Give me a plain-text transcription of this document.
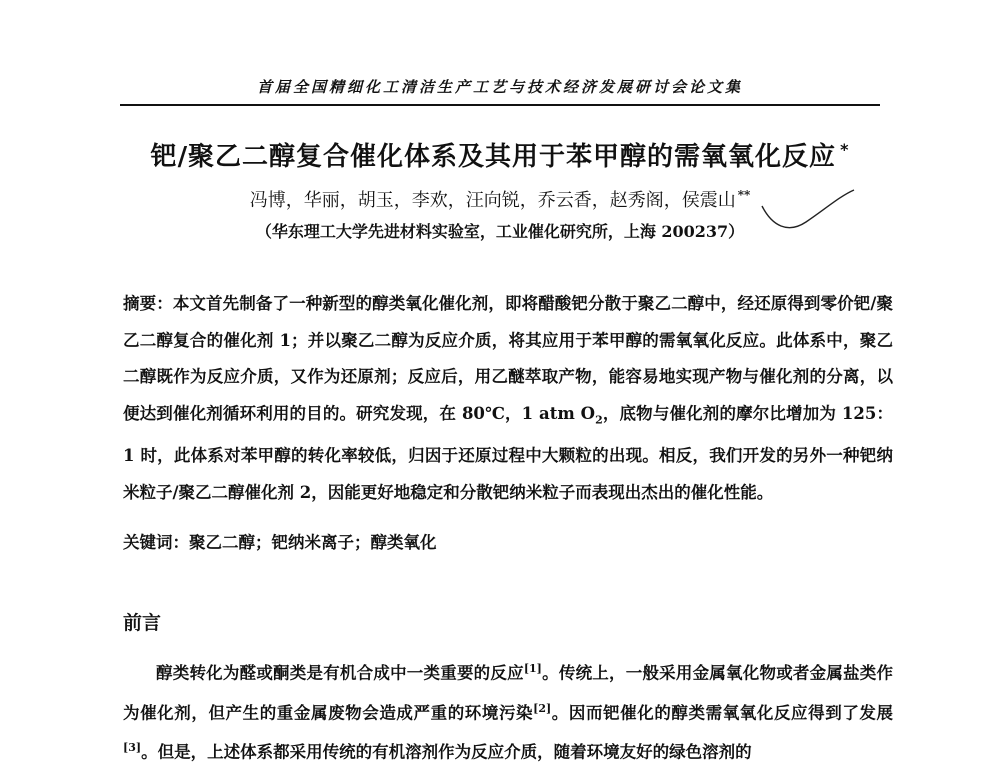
首届全国精细化工清洁生产工艺与技术经济发展研讨会论文集
钯/聚乙二醇复合催化体系及其用于苯甲醇的需氧氧化反应 *
冯博，华丽，胡玉，李欢，汪向锐，乔云香，赵秀阁，侯震山 **
（华东理工大学先进材料实验室，工业催化研究所，上海 200237）
摘要：本文首先制备了一种新型的醇类氧化催化剂，即将醋酸钯分散于聚乙二醇中，经还原得到零价钯/聚乙二醇复合的催化剂 1；并以聚乙二醇为反应介质，将其应用于苯甲醇的需氧氧化反应。此体系中，聚乙二醇既作为反应介质，又作为还原剂；反应后，用乙醚萃取产物，能容易地实现产物与催化剂的分离，以便达到催化剂循环利用的目的。研究发现，在 80℃，1 atm $O_2$，底物与催化剂的摩尔比增加为 125：1 时，此体系对苯甲醇的转化率较低，归因于还原过程中大颗粒的出现。相反，我们开发的另外一种钯纳米粒子/聚乙二醇催化剂 2，因能更好地稳定和分散钯纳米粒子而表现出杰出的催化性能。
关键词：聚乙二醇；钯纳米离子；醇类氧化
前言
醇类转化为醛或酮类是有机合成中一类重要的反应[1]。传统上，一般采用金属氧化物或者金属盐类作为催化剂，但产生的重金属废物会造成严重的环境污染[2]。因而钯催化的醇类需氧氧化反应得到了发展[3]。但是，上述体系都采用传统的有机溶剂作为反应介质，随着环境友好的绿色溶剂的
